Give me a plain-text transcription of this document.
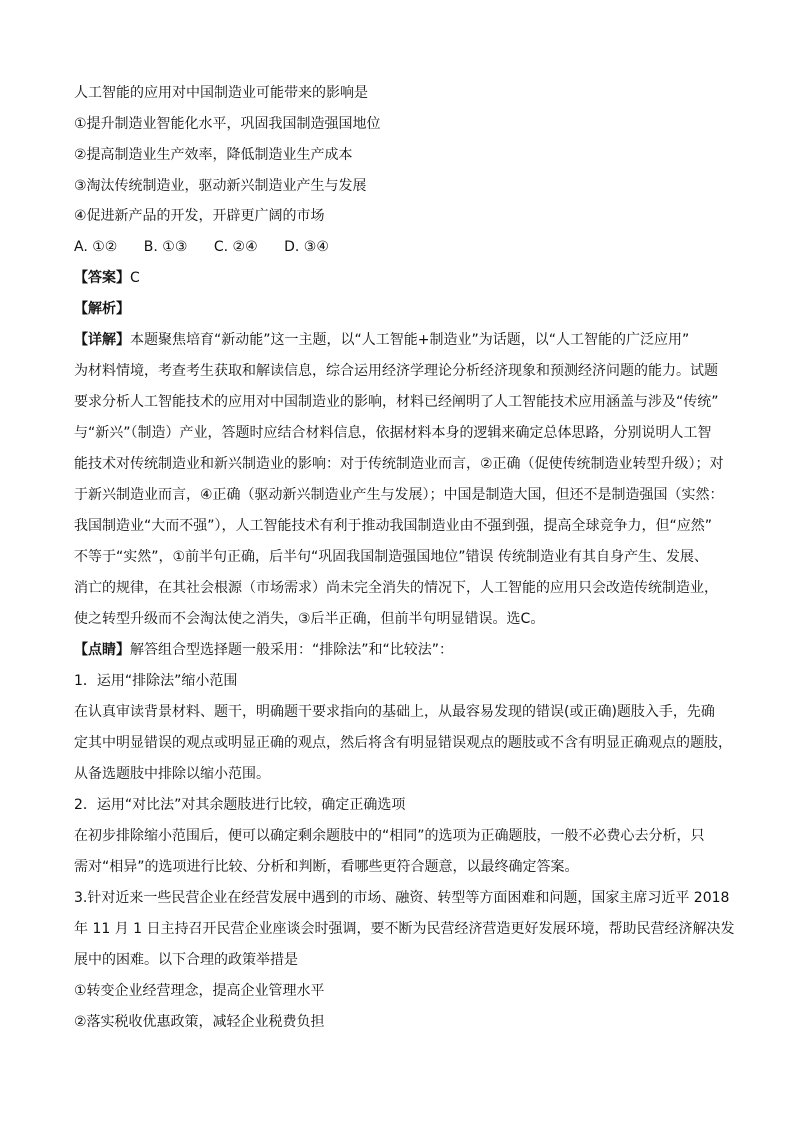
人工智能的应用对中国制造业可能带来的影响是
①提升制造业智能化水平，巩固我国制造强国地位
②提高制造业生产效率，降低制造业生产成本
③淘汰传统制造业，驱动新兴制造业产生与发展
④促进新产品的开发，开辟更广阔的市场
A. ①② B. ①③ C. ②④ D. ③④
【答案】C
【解析】
【详解】本题聚焦培育“新动能”这一主题，以“人工智能+制造业”为话题，以“人工智能的广泛应用”
为材料情境，考查考生获取和解读信息，综合运用经济学理论分析经济现象和预测经济问题的能力。试题
要求分析人工智能技术的应用对中国制造业的影响，材料已经阐明了人工智能技术应用涵盖与涉及“传统”
与“新兴”（制造）产业，答题时应结合材料信息，依据材料本身的逻辑来确定总体思路，分别说明人工智
能技术对传统制造业和新兴制造业的影响：对于传统制造业而言，②正确（促使传统制造业转型升级）；对
于新兴制造业而言，④正确（驱动新兴制造业产生与发展）；中国是制造大国，但还不是制造强国（实然：
我国制造业“大而不强”），人工智能技术有利于推动我国制造业由不强到强，提高全球竞争力，但“应然”
不等于“实然”，①前半句正确，后半句“巩固我国制造强国地位”错误 传统制造业有其自身产生、发展、
消亡的规律，在其社会根源（市场需求）尚未完全消失的情况下，人工智能的应用只会改造传统制造业，
使之转型升级而不会淘汰使之消失，③后半正确，但前半句明显错误。选C。
【点睛】解答组合型选择题一般采用：“排除法”和“比较法”：
1．运用“排除法”缩小范围
在认真审读背景材料、题干，明确题干要求指向的基础上，从最容易发现的错误(或正确)题肢入手，先确
定其中明显错误的观点或明显正确的观点，然后将含有明显错误观点的题肢或不含有明显正确观点的题肢，
从备选题肢中排除以缩小范围。
2．运用“对比法”对其余题肢进行比较，确定正确选项
在初步排除缩小范围后，便可以确定剩余题肢中的“相同”的选项为正确题肢，一般不必费心去分析，只
需对“相异”的选项进行比较、分析和判断，看哪些更符合题意，以最终确定答案。
3.针对近来一些民营企业在经营发展中遇到的市场、融资、转型等方面困难和问题，国家主席习近平 2018
年 11 月 1 日主持召开民营企业座谈会时强调，要不断为民营经济营造更好发展环境，帮助民营经济解决发
展中的困难。以下合理的政策举措是
①转变企业经营理念，提高企业管理水平
②落实税收优惠政策，减轻企业税费负担
